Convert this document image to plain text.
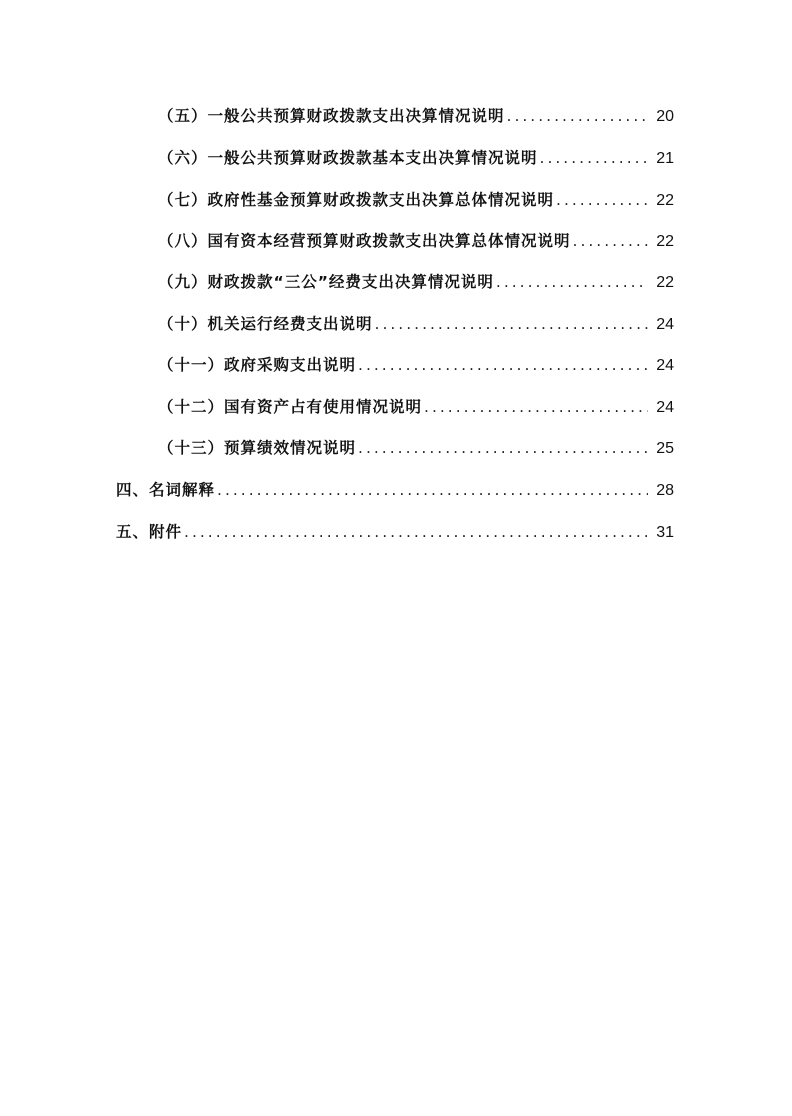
（五）一般公共预算财政拨款支出决算情况说明 .....	20
（六）一般公共预算财政拨款基本支出决算情况说明 .....	21
（七）政府性基金预算财政拨款支出决算总体情况说明 .....	22
（八）国有资本经营预算财政拨款支出决算总体情况说明 .....	22
（九）财政拨款“三公”经费支出决算情况说明 .....	22
（十）机关运行经费支出说明 .....	24
（十一）政府采购支出说明 .....	24
（十二）国有资产占有使用情况说明 .....	24
（十三）预算绩效情况说明 .....	25
四、名词解释 .....	28
五、附件 .....	31
